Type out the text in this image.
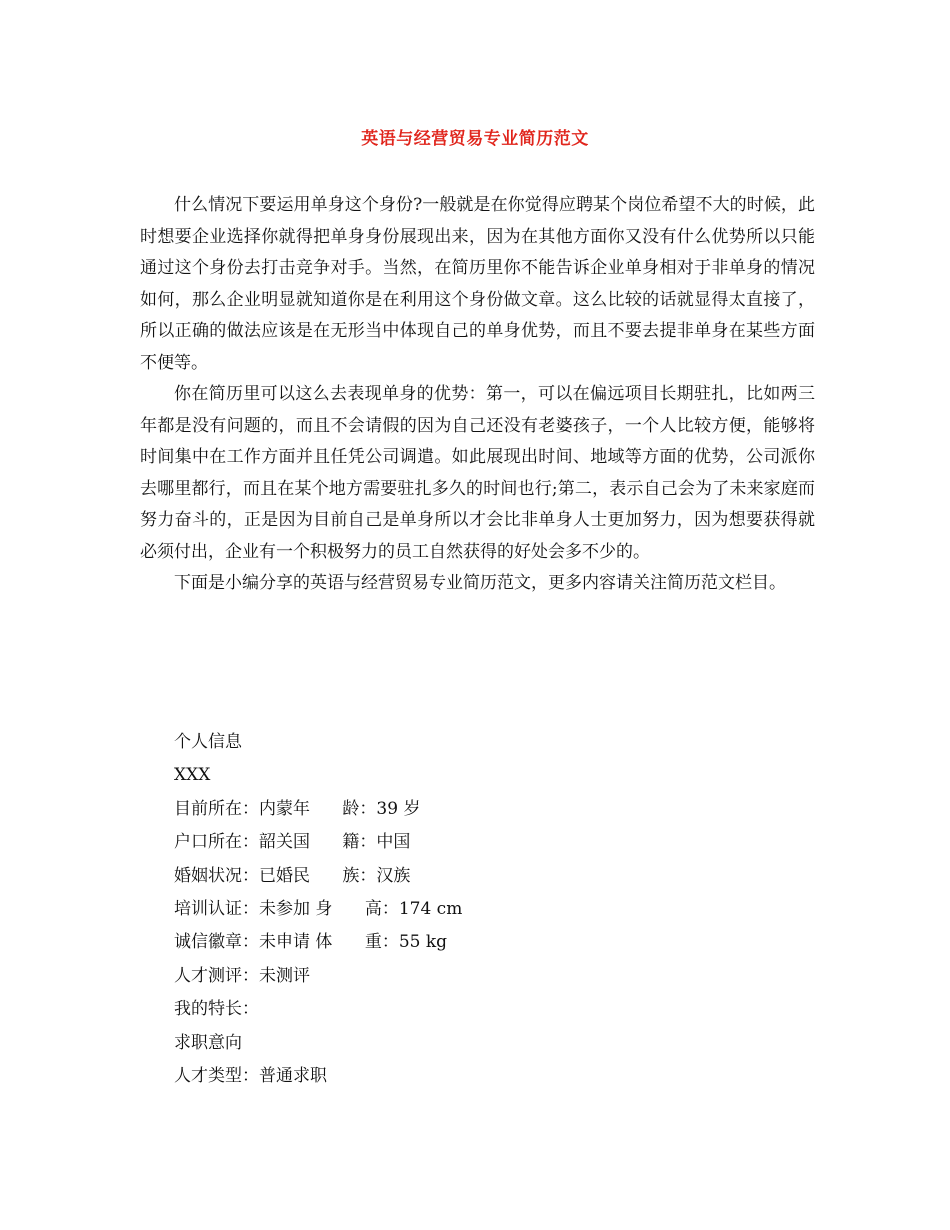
英语与经营贸易专业简历范文

什么情况下要运用单身这个身份?一般就是在你觉得应聘某个岗位希望不大的时候，此时想要企业选择你就得把单身身份展现出来，因为在其他方面你又没有什么优势所以只能通过这个身份去打击竞争对手。当然，在简历里你不能告诉企业单身相对于非单身的情况如何，那么企业明显就知道你是在利用这个身份做文章。这么比较的话就显得太直接了，所以正确的做法应该是在无形当中体现自己的单身优势，而且不要去提非单身在某些方面不便等。

你在简历里可以这么去表现单身的优势：第一，可以在偏远项目长期驻扎，比如两三年都是没有问题的，而且不会请假的因为自己还没有老婆孩子，一个人比较方便，能够将时间集中在工作方面并且任凭公司调遣。如此展现出时间、地域等方面的优势，公司派你去哪里都行，而且在某个地方需要驻扎多久的时间也行;第二，表示自己会为了未来家庭而努力奋斗的，正是因为目前自己是单身所以才会比非单身人士更加努力，因为想要获得就必须付出，企业有一个积极努力的员工自然获得的好处会多不少的。

下面是小编分享的英语与经营贸易专业简历范文，更多内容请关注简历范文栏目。

个人信息
XXX
目前所在：内蒙年      龄：39 岁
户口所在：韶关国      籍：中国
婚姻状况：已婚民      族：汉族
培训认证：未参加 身      高：174 cm
诚信徽章：未申请 体      重：55 kg
人才测评：未测评
我的特长：
求职意向
人才类型：普通求职
